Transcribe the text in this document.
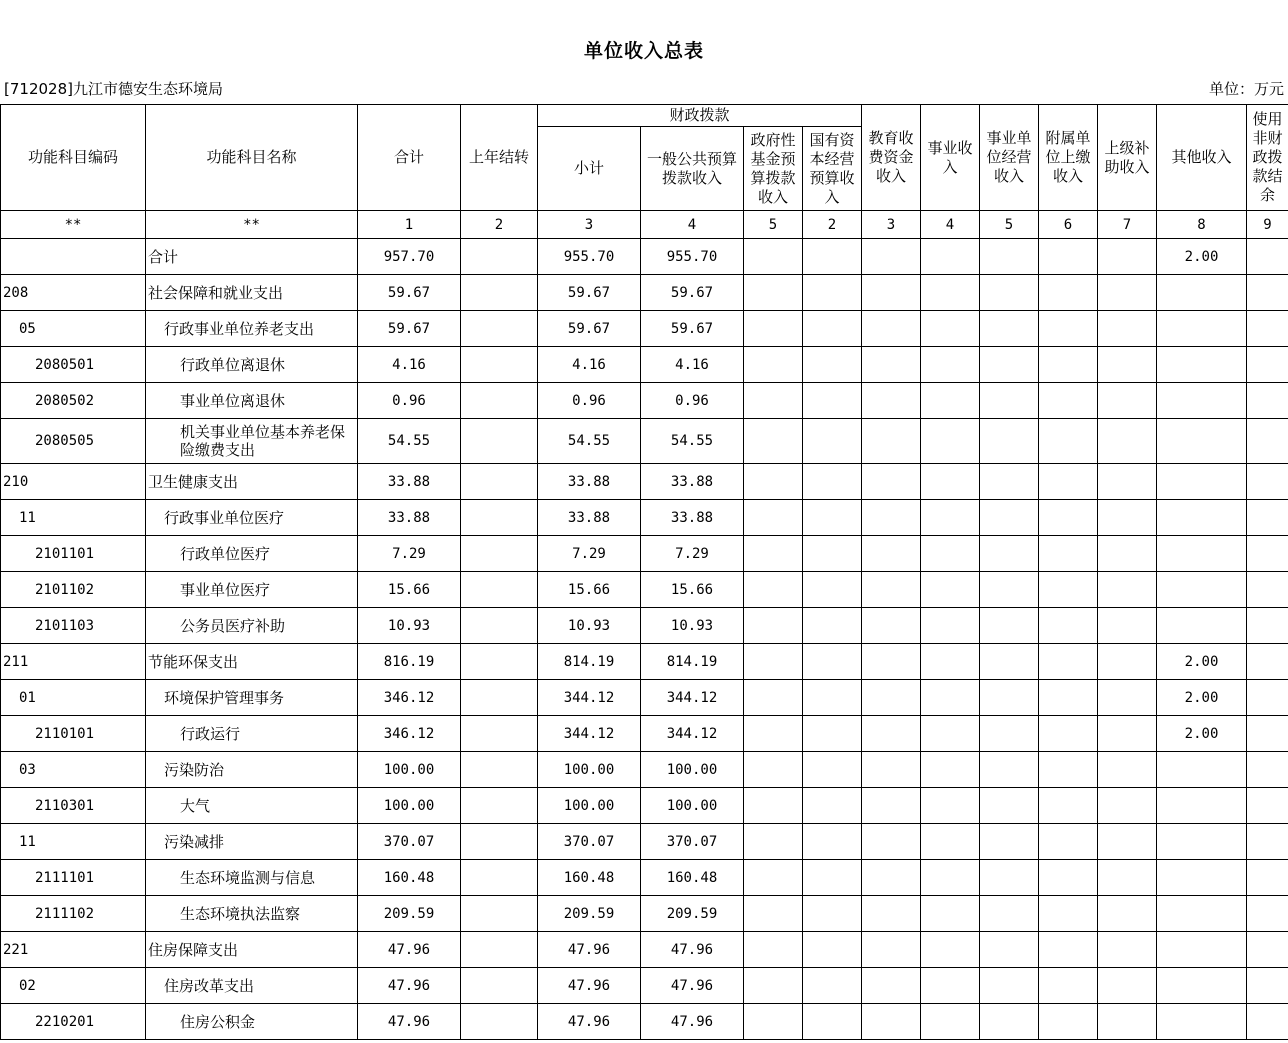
单位收入总表
[712028]九江市德安生态环境局	单位：万元
功能科目编码	功能科目名称	合计	上年结转	财政拨款				教育收费资金收入	事业收入	事业单位经营收入	附属单位上缴收入	上级补助收入	其他收入	使用非财政拨款结余
				小计	一般公共预算拨款收入	政府性基金预算拨款收入	国有资本经营预算收入							
**	**	1	2	3	4	5	2	3	4	5	6	7	8	9
	合计	957.70		955.70	955.70								2.00	
208	社会保障和就业支出	59.67		59.67	59.67									
05	行政事业单位养老支出	59.67		59.67	59.67									
2080501	行政单位离退休	4.16		4.16	4.16									
2080502	事业单位离退休	0.96		0.96	0.96									
2080505	机关事业单位基本养老保险缴费支出	54.55		54.55	54.55									
210	卫生健康支出	33.88		33.88	33.88									
11	行政事业单位医疗	33.88		33.88	33.88									
2101101	行政单位医疗	7.29		7.29	7.29									
2101102	事业单位医疗	15.66		15.66	15.66									
2101103	公务员医疗补助	10.93		10.93	10.93									
211	节能环保支出	816.19		814.19	814.19								2.00	
01	环境保护管理事务	346.12		344.12	344.12								2.00	
2110101	行政运行	346.12		344.12	344.12								2.00	
03	污染防治	100.00		100.00	100.00									
2110301	大气	100.00		100.00	100.00									
11	污染减排	370.07		370.07	370.07									
2111101	生态环境监测与信息	160.48		160.48	160.48									
2111102	生态环境执法监察	209.59		209.59	209.59									
221	住房保障支出	47.96		47.96	47.96									
02	住房改革支出	47.96		47.96	47.96									
2210201	住房公积金	47.96		47.96	47.96									
